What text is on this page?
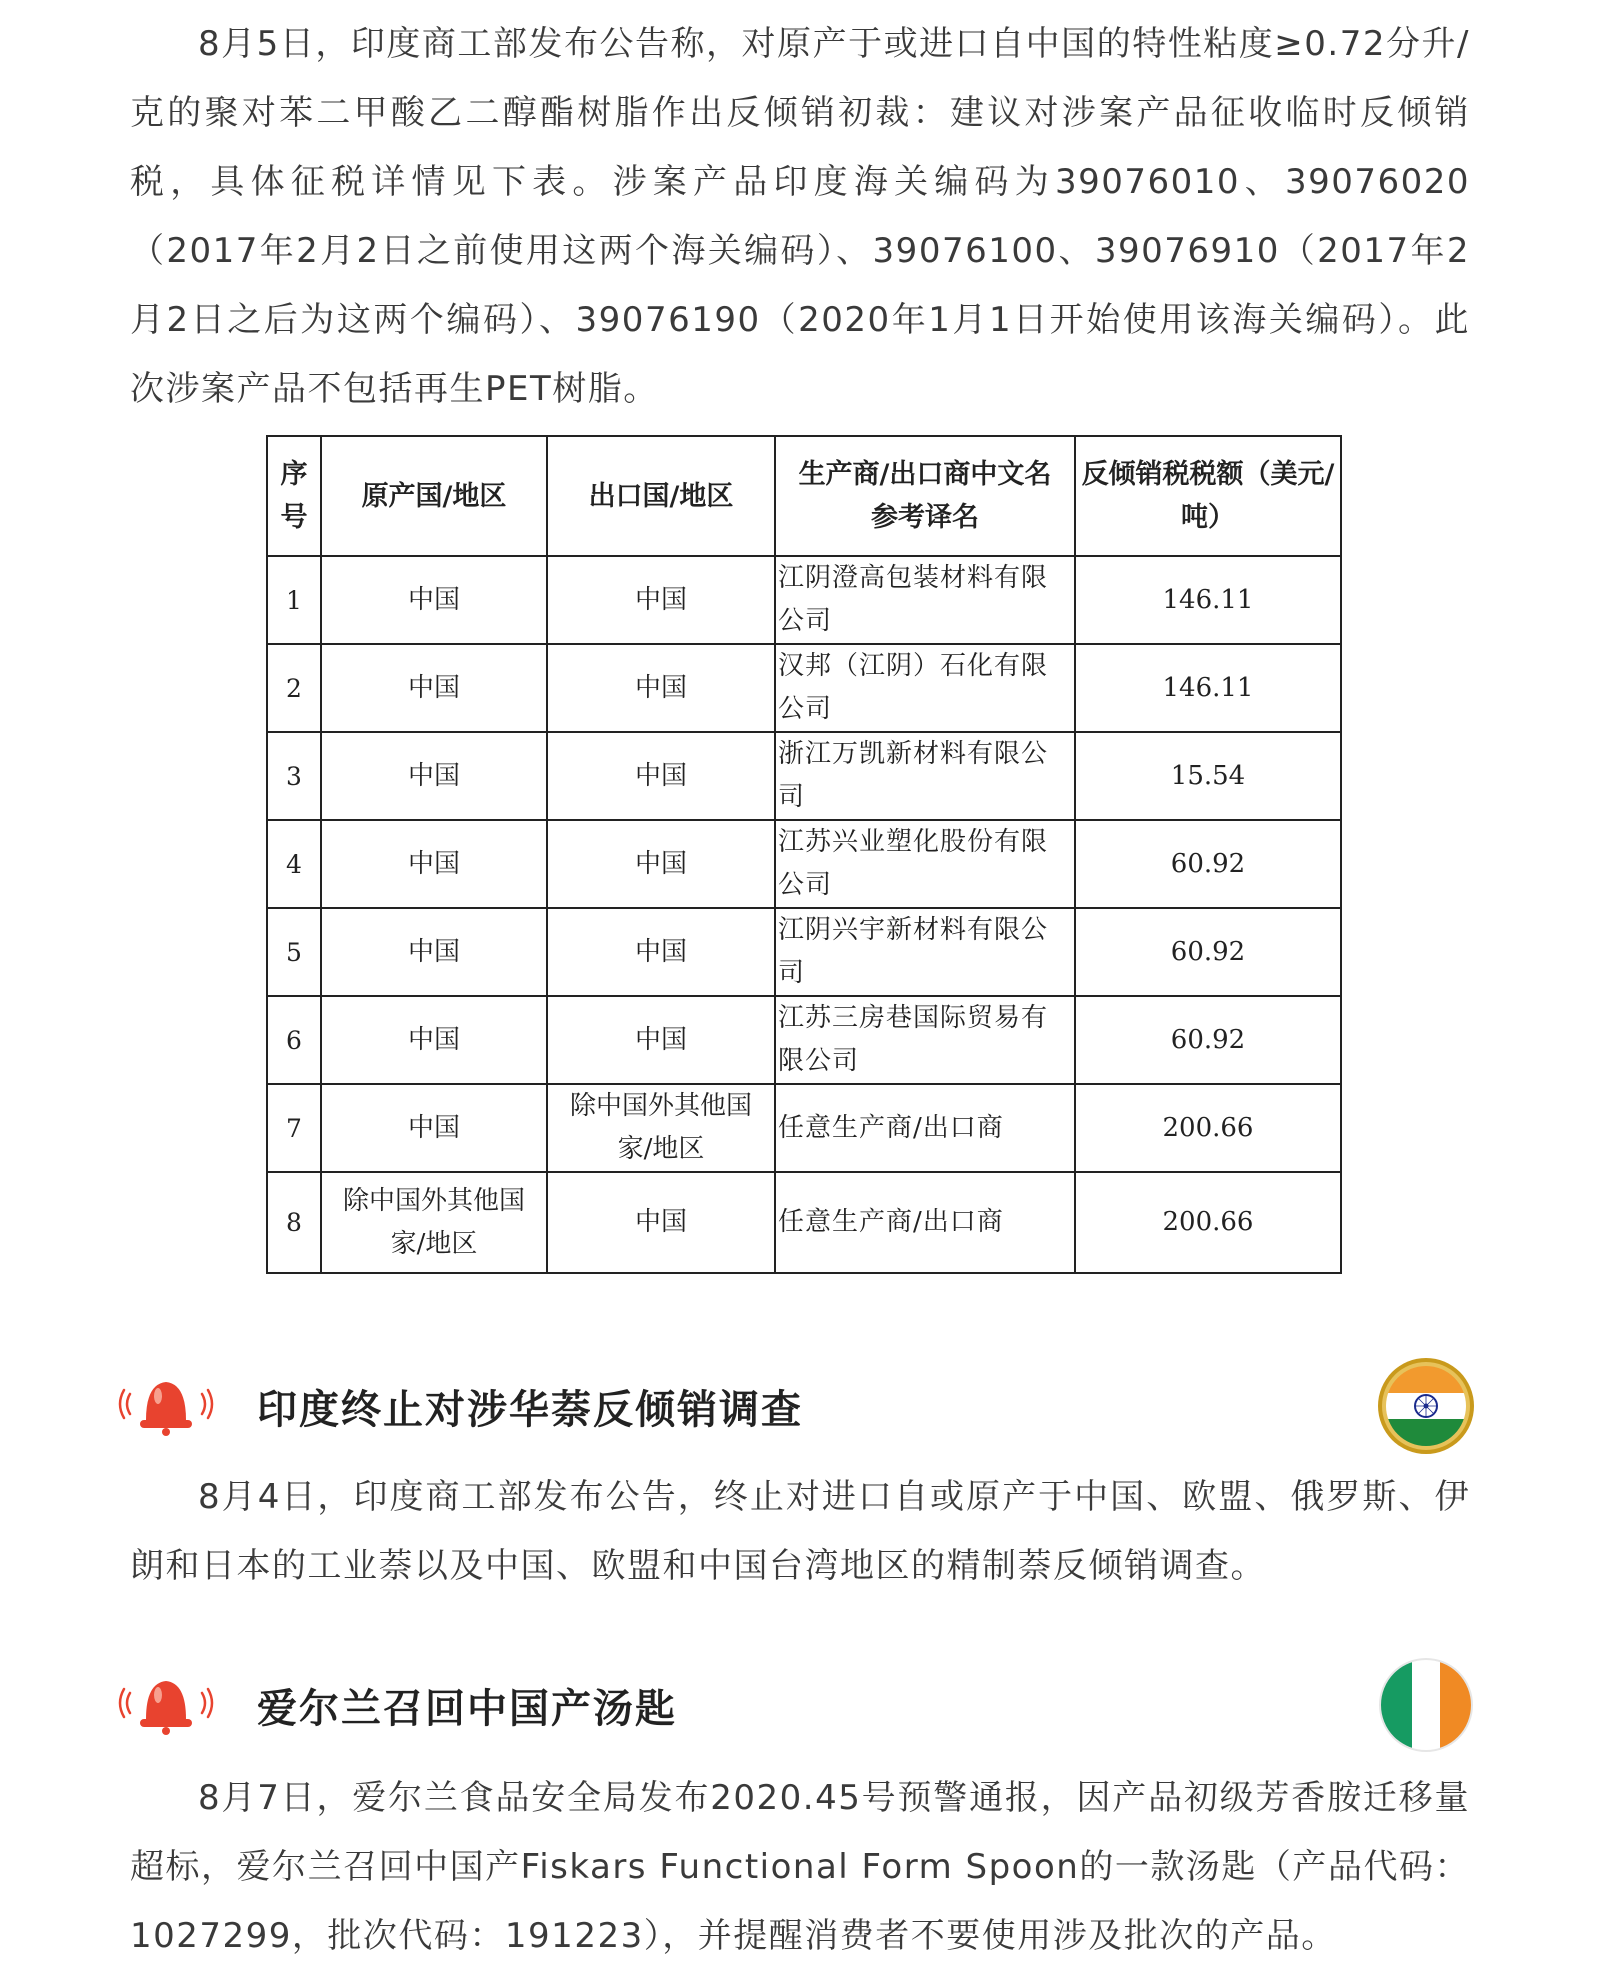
8月5日，印度商工部发布公告称，对原产于或进口自中国的特性粘度≥0.72分升/克的聚对苯二甲酸乙二醇酯树脂作出反倾销初裁：建议对涉案产品征收临时反倾销税，具体征税详情见下表。涉案产品印度海关编码为39076010、39076020（2017年2月2日之前使用这两个海关编码）、39076100、39076910（2017年2月2日之后为这两个编码）、39076190（2020年1月1日开始使用该海关编码）。此次涉案产品不包括再生PET树脂。

序号	原产国/地区	出口国/地区	生产商/出口商中文名参考译名	反倾销税税额（美元/吨）
1	中国	中国	江阴澄高包装材料有限公司	146.11
2	中国	中国	汉邦（江阴）石化有限公司	146.11
3	中国	中国	浙江万凯新材料有限公司	15.54
4	中国	中国	江苏兴业塑化股份有限公司	60.92
5	中国	中国	江阴兴宇新材料有限公司	60.92
6	中国	中国	江苏三房巷国际贸易有限公司	60.92
7	中国	除中国外其他国家/地区	任意生产商/出口商	200.66
8	除中国外其他国家/地区	中国	任意生产商/出口商	200.66
印度终止对涉华萘反倾销调查

8月4日，印度商工部发布公告，终止对进口自或原产于中国、欧盟、俄罗斯、伊朗和日本的工业萘以及中国、欧盟和中国台湾地区的精制萘反倾销调查。

爱尔兰召回中国产汤匙

8月7日，爱尔兰食品安全局发布2020.45号预警通报，因产品初级芳香胺迁移量超标，爱尔兰召回中国产Fiskars Functional Form Spoon的一款汤匙（产品代码：1027299，批次代码：191223），并提醒消费者不要使用涉及批次的产品。
